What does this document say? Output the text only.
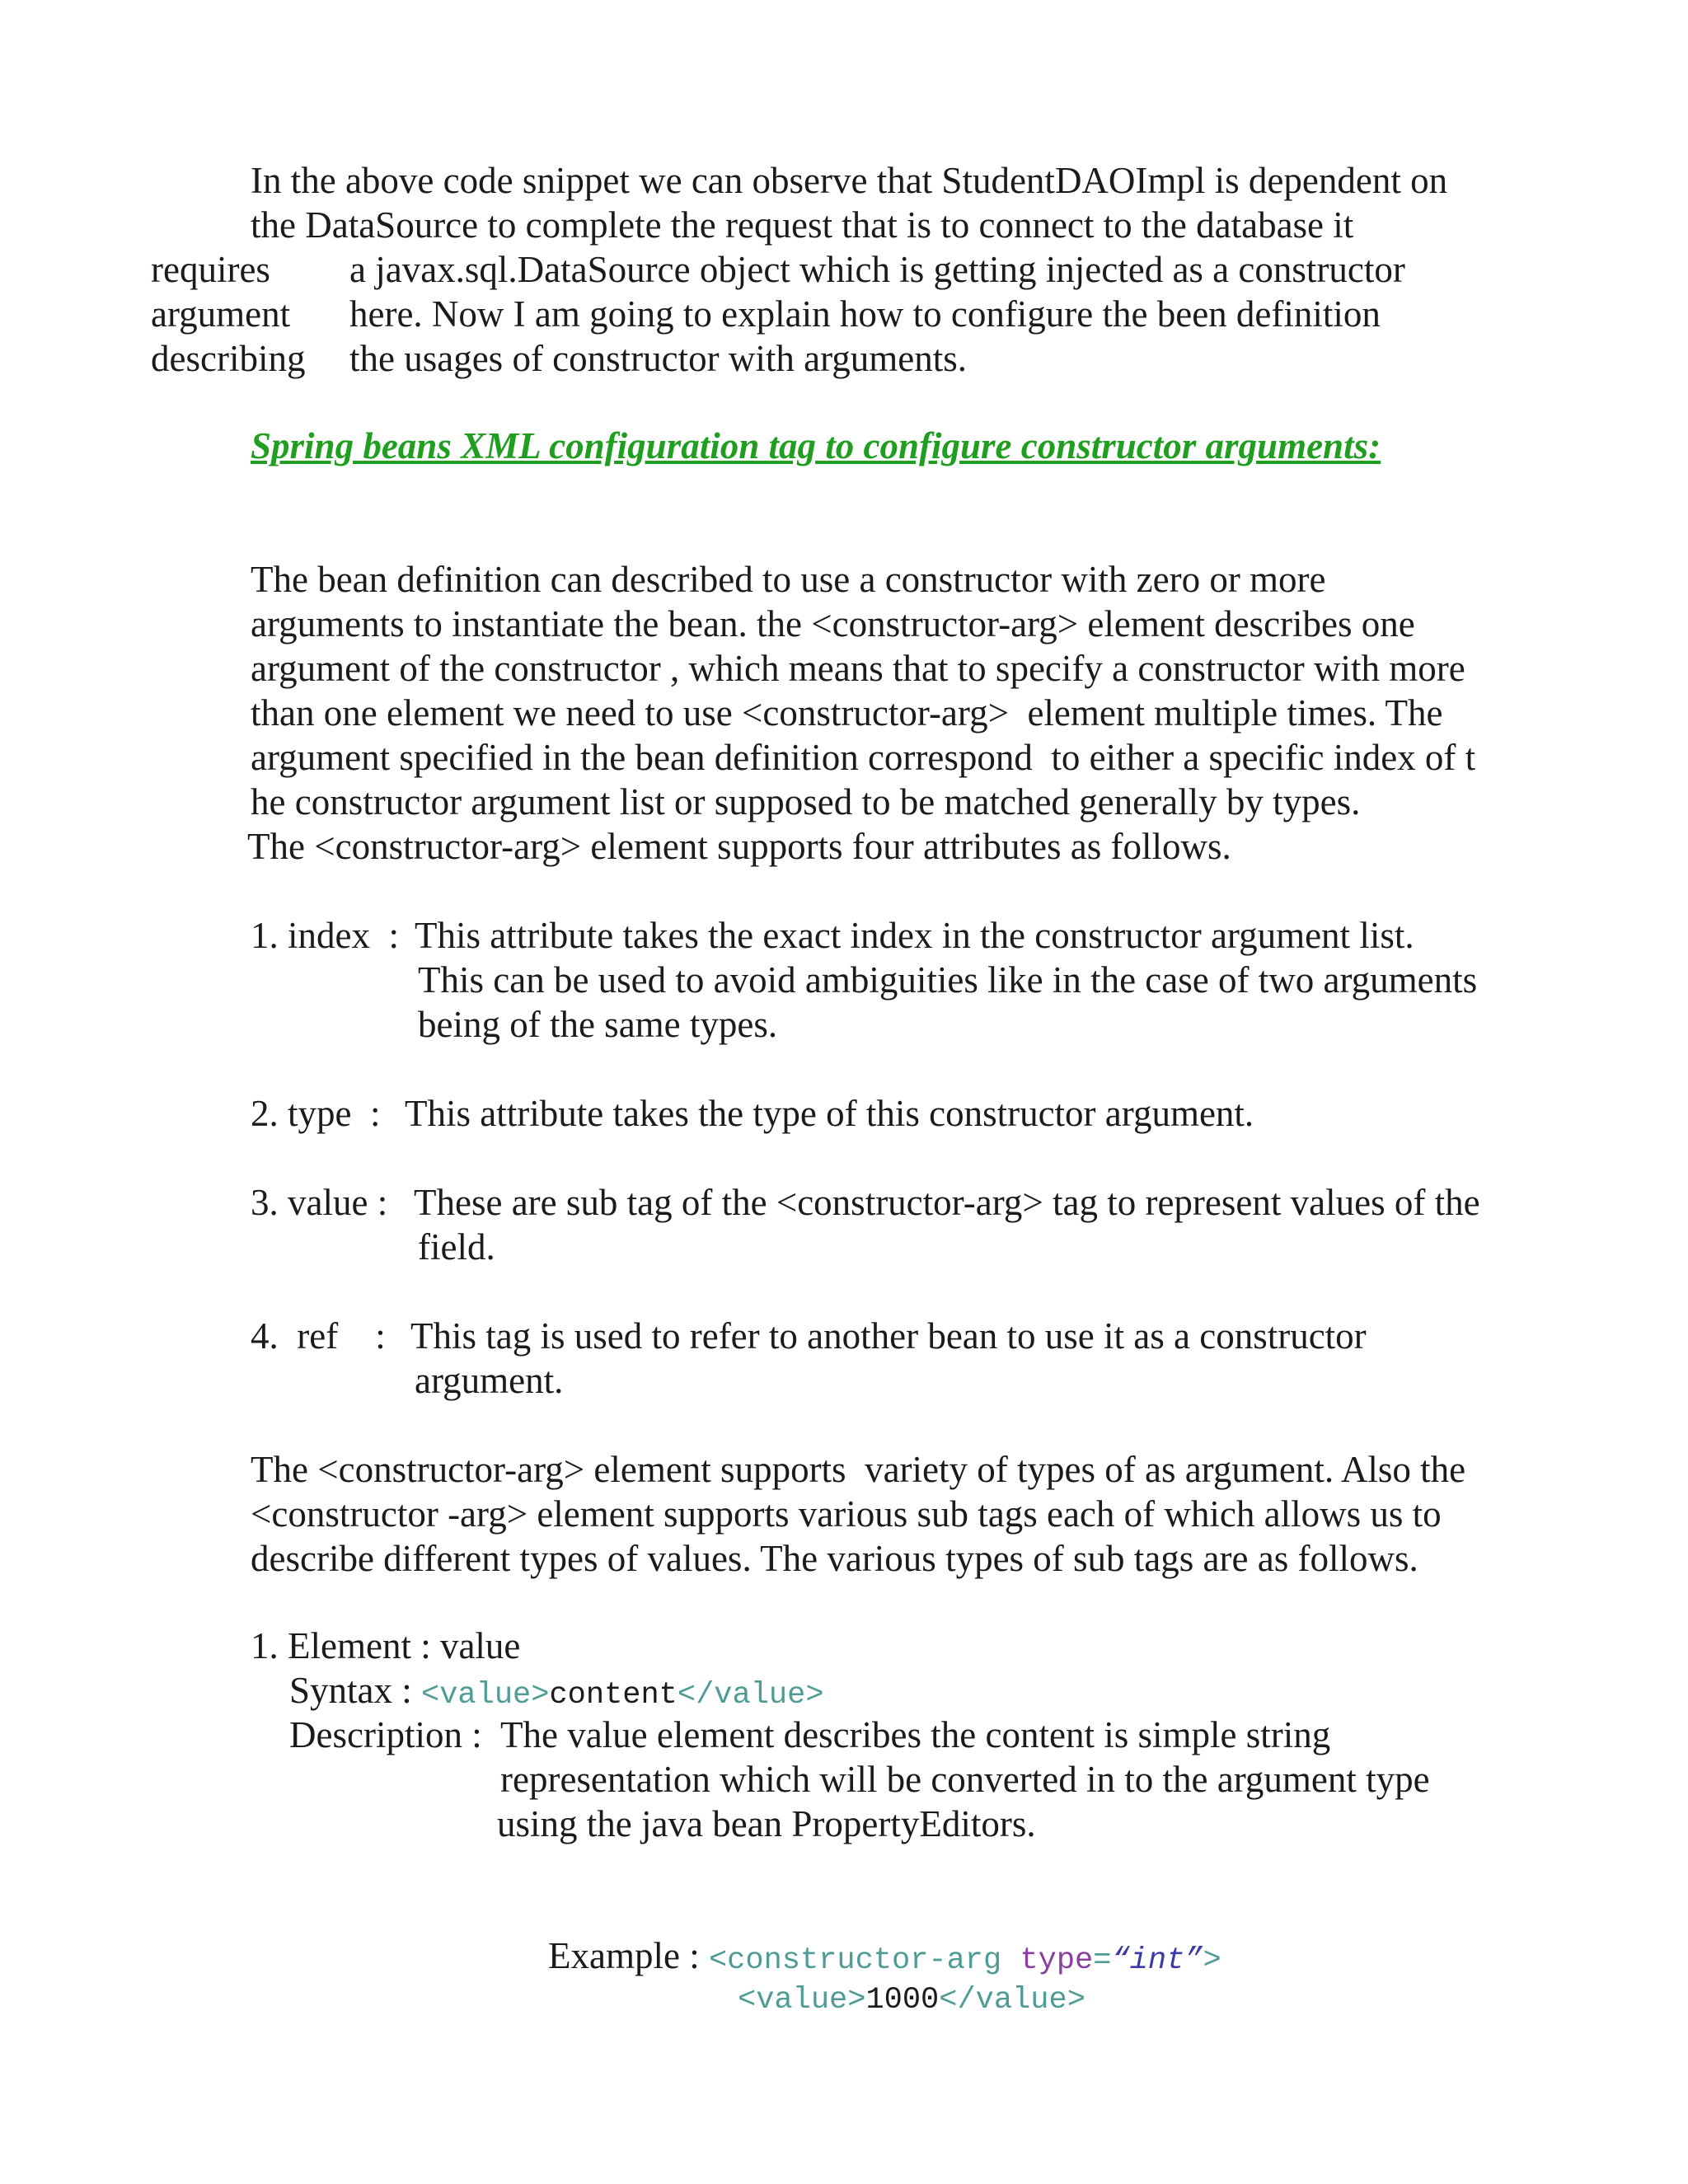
In the above code snippet we can observe that StudentDAOImpl is dependent on
the DataSource to complete the request that is to connect to the database it
requires a javax.sql.DataSource object which is getting injected as a constructor
argument here. Now I am going to explain how to configure the been definition
describing the usages of constructor with arguments.
Spring beans XML configuration tag to configure constructor arguments:
The bean definition can described to use a constructor with zero or more
arguments to instantiate the bean. the <constructor-arg> element describes one
argument of the constructor , which means that to specify a constructor with more
than one element we need to use <constructor-arg>  element multiple times. The
argument specified in the bean definition correspond  to either a specific index of t
he constructor argument list or supposed to be matched generally by types.
The <constructor-arg> element supports four attributes as follows.
1. index  : This attribute takes the exact index in the constructor argument list.
This can be used to avoid ambiguities like in the case of two arguments
being of the same types.
2. type  : This attribute takes the type of this constructor argument.
3. value : These are sub tag of the <constructor-arg> tag to represent values of the
field.
4.  ref    : This tag is used to refer to another bean to use it as a constructor
argument.
The <constructor-arg> element supports  variety of types of as argument. Also the
<constructor -arg> element supports various sub tags each of which allows us to
describe different types of values. The various types of sub tags are as follows.
1. Element : value
Syntax : <value>content</value>
Description : The value element describes the content is simple string
representation which will be converted in to the argument type
using the java bean PropertyEditors.
Example : <constructor-arg type=“int”>
<value>1000</value>
